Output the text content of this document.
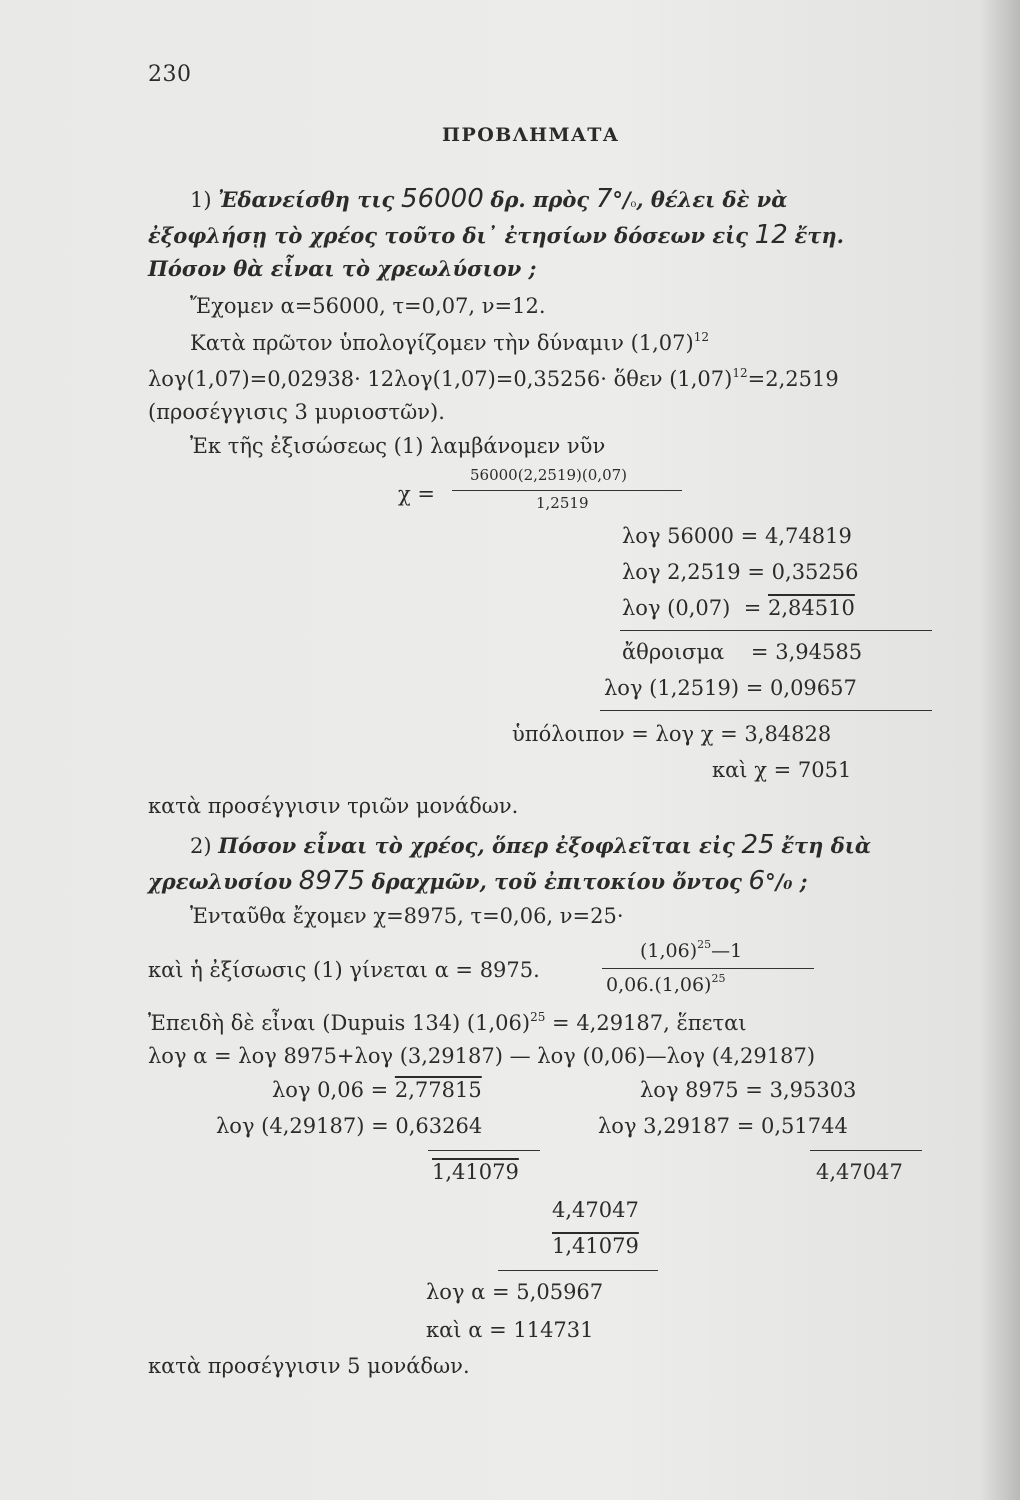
230
ΠΡΟΒΛΗΜΑΤΑ
1) Ἐδανείσθη τις 56000 δρ. πρὸς 7°/₀, θέλει δὲ νὰ
ἐξοφλήσῃ τὸ χρέος τοῦτο δι᾿ ἐτησίων δόσεων εἰς 12 ἔτη.
Πόσον θὰ εἶναι τὸ χρεωλύσιον ;
Ἔχομεν α=56000, τ=0,07, ν=12.
Κατὰ πρῶτον ὑπολογίζομεν τὴν δύναμιν $(1,07)^{12}$
λογ(1,07)=0,02938· 12λογ(1,07)=0,35256· ὅθεν $(1,07)^{12}=2,2519$
(προσέγγισις 3 μυριοστῶν).
Ἐκ τῆς ἐξισώσεως (1) λαμβάνομεν νῦν
χ =
56000(2,2519)(0,07)
1,2519
λογ 56000 = 4,74819
λογ 2,2519 = 0,35256
λογ (0,07) = 2,84510
ἄθροισμα = 3,94585
λογ (1,2519) = 0,09657
ὑπόλοιπον = λογ χ = 3,84828
καὶ χ = 7051
κατὰ προσέγγισιν τριῶν μονάδων.
2) Πόσον εἶναι τὸ χρέος, ὅπερ ἐξοφλεῖται εἰς 25 ἔτη διὰ
χρεωλυσίου 8975 δραχμῶν, τοῦ ἐπιτοκίου ὄντος 6°/₀ ;
Ἐνταῦθα ἔχομεν χ=8975, τ=0,06, ν=25·
καὶ ἡ ἐξίσωσις (1) γίνεται α = 8975.
$(1,06)^{25}—1$
$0,06.(1,06)^{25}$
Ἐπειδὴ δὲ εἶναι (Dupuis 134) $(1,06)^{25} = 4,29187$, ἕπεται
λογ α = λογ 8975+λογ (3,29187) — λογ (0,06)—λογ (4,29187)
λογ 0,06 = 2,77815
λογ (4,29187) = 0,63264
1,41079
λογ 8975 = 3,95303
λογ 3,29187 = 0,51744
4,47047
4,47047
1,41079
λογ α = 5,05967
καὶ α = 114731
κατὰ προσέγγισιν 5 μονάδων.
